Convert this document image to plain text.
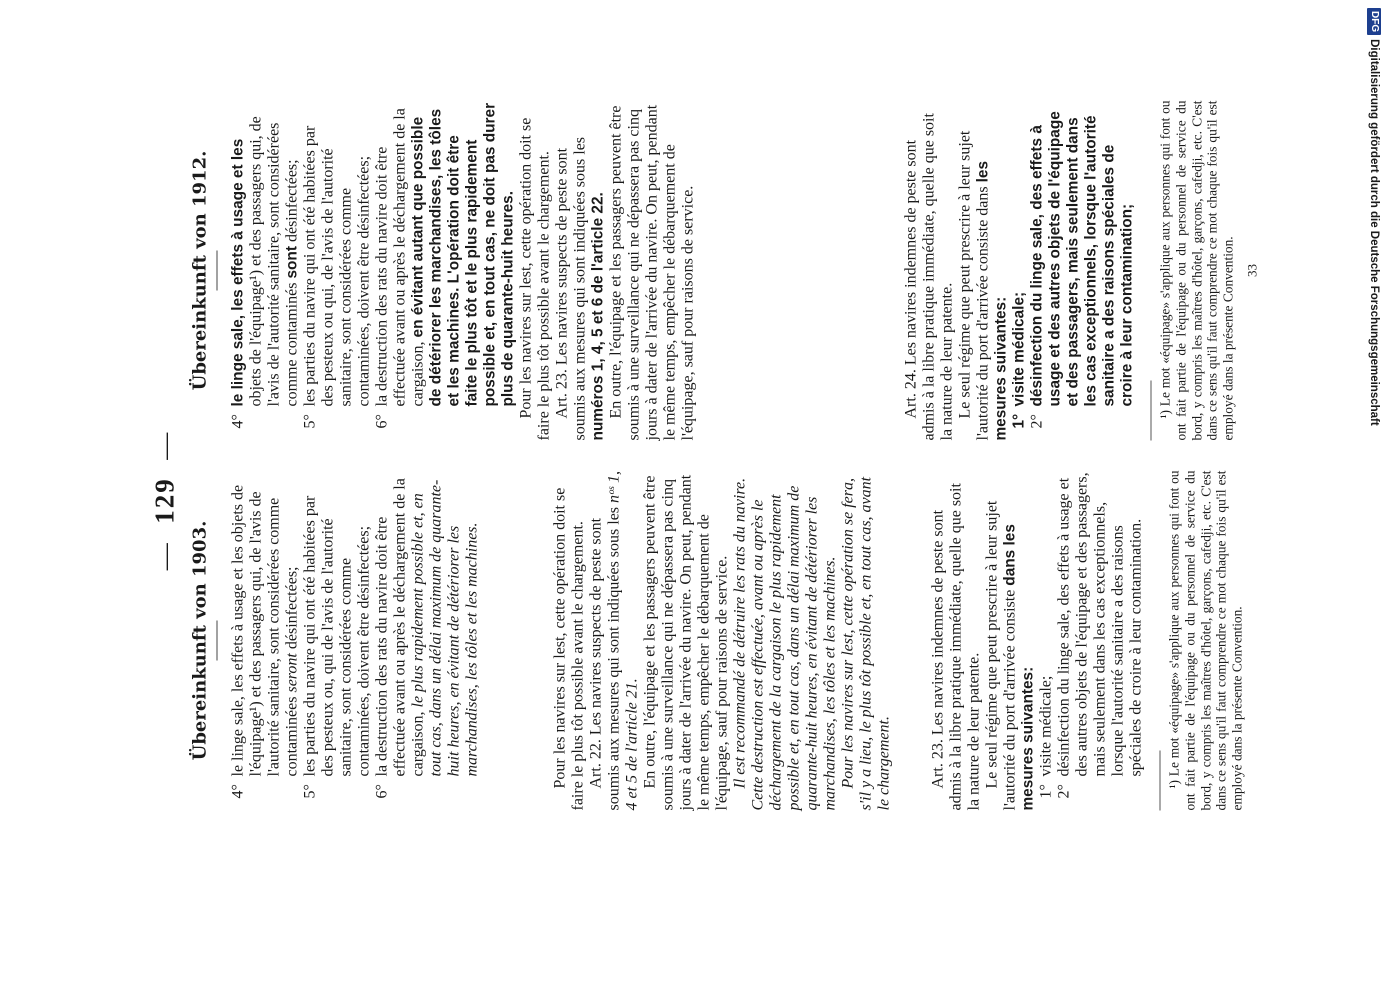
—  129  —
Übereinkunft von 1903.

4°le linge sale, les effets à usage et les objets de l'équipage¹) et des passagers qui, de l'avis de l'autorité sanitaire, sont considérées comme contaminées seront désinfectées;

5°les parties du navire qui ont été habitées par des pesteux ou, qui de l'avis de l'autorité sanitaire, sont considérées comme contaminées, doivent être désinfectées;

6°la destruction des rats du navire doit être effectuée avant ou après le déchargement de la cargaison, le plus rapidement possible et, en tout cas, dans un délai maximum de quarante-huit heures, en évitant de détériorer les marchandises, les tôles et les machines.	Pour les navires sur lest, cette opération doit se faire le plus tôt possible avant le chargement. Art. 22. Les navires suspects de peste sont soumis aux mesures qui sont indiquées sous les nᵒˢ 1, 4 et 5 de l'article 21. En outre, l'équipage et les passagers peuvent être soumis à une surveillance qui ne dépassera pas cinq jours à dater de l'arrivée du navire. On peut, pendant le même temps, empêcher le débarquement de l'équipage, sauf pour raisons de service. Il est recommandé de détruire les rats du navire. Cette destruction est effectuée, avant ou après le déchargement de la cargaison le plus rapidement possible et, en tout cas, dans un délai maximum de quarante-huit heures, en évitant de détériorer les marchandises, les tôles et les machines. Pour les navires sur lest, cette opération se fera, s'il y a lieu, le plus tôt possible et, en tout cas, avant le chargement. Art. 23. Les navires indemnes de peste sont admis à la libre pratique immédiate, quelle que soit la nature de leur patente. Le seul régime que peut prescrire à leur sujet l'autorité du port d'arrivée consiste dans les mesures suivantes: 1°visite médicale;

2°désinfection du linge sale, des effets à usage et des autres objets de l'équipage et des passagers, mais seulement dans les cas exceptionnels, lorsque l'autorité sanitaire a des raisons spéciales de croire à leur contamination. ¹) Le mot «équipage» s'applique aux personnes qui font ou ont fait partie de l'équipage ou du personnel de service du bord, y compris les maîtres d'hôtel, garçons, cafedji, etc. C'est dans ce sens qu'il faut comprendre ce mot chaque fois qu'il est employé dans la présente Convention.

Übereinkunft von 1912.

4°le linge sale, les effets à usage et les objets de l'équipage¹) et des passagers qui, de l'avis de l'autorité sanitaire, sont considérées comme contaminés sont désinfectées;

5°les parties du navire qui ont été habitées par des pesteux ou qui, de l'avis de l'autorité sanitaire, sont considérées comme contaminées, doivent être désinfectées;

6°la destruction des rats du navire doit être effectuée avant ou après le déchargement de la cargaison, en évitant autant que possible de détériorer les marchandises, les tôles et les machines. L'opération doit être faite le plus tôt et le plus rapidement possible et, en tout cas, ne doit pas durer plus de quarante-huit heures. Pour les navires sur lest, cette opération doit se faire le plus tôt possible avant le chargement. Art. 23. Les navires suspects de peste sont soumis aux mesures qui sont indiquées sous les numéros 1, 4, 5 et 6 de l'article 22. En outre, l'équipage et les passagers peuvent être soumis à une surveillance qui ne dépassera pas cinq jours à dater de l'arrivée du navire. On peut, pendant le même temps, empêcher le débarquement de l'équipage, sauf pour raisons de service.	Art. 24. Les navires indemnes de peste sont admis à la libre pratique immédiate, quelle que soit la nature de leur patente. Le seul régime que peut prescrire à leur sujet l'autorité du port d'arrivée consiste dans les mesures suivantes: 1°visite médicale;

2°désinfection du linge sale, des effets à usage et des autres objets de l'équipage et des passagers, mais seulement dans les cas exceptionnels, lorsque l'autorité sanitaire a des raisons spéciales de croire à leur contamination; ¹) Le mot «équipage» s'applique aux personnes qui font ou ont fait partie de l'équipage ou du personnel de service du bord, y compris les maîtres d'hôtel, garçons, cafedji, etc. C'est dans ce sens qu'il faut comprendre ce mot chaque fois qu'il est employé dans la présente Convention. 33

DFG
Digitalisierung gefördert durch die Deutsche Forschungsgemeinschaft
